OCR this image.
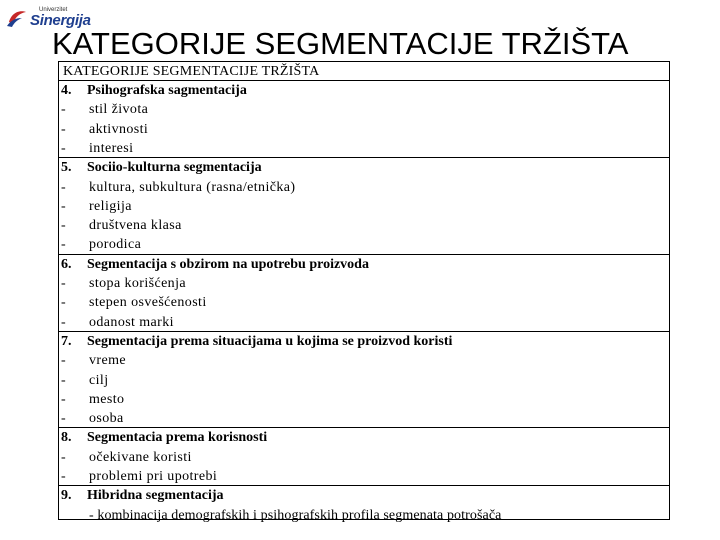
Univerzitet
Sinergija
KATEGORIJE SEGMENTACIJE TRŽIŠTA
KATEGORIJE SEGMENTACIJE TRŽIŠTA
4. Psihografska sagmentacija
- stil života
- aktivnosti
- interesi
5. Sociio-kulturna segmentacija
- kultura, subkultura (rasna/etnička)
- religija
- društvena klasa
- porodica
6. Segmentacija s obzirom na upotrebu proizvoda
- stopa korišćenja
- stepen osvešćenosti
- odanost marki
7. Segmentacija prema situacijama u kojima se proizvod koristi
- vreme
- cilj
- mesto
- osoba
8. Segmentacia prema korisnosti
- očekivane koristi
- problemi pri upotrebi
9. Hibridna segmentacija
- kombinacija demografskih i psihografskih profila segmenata potrošača
